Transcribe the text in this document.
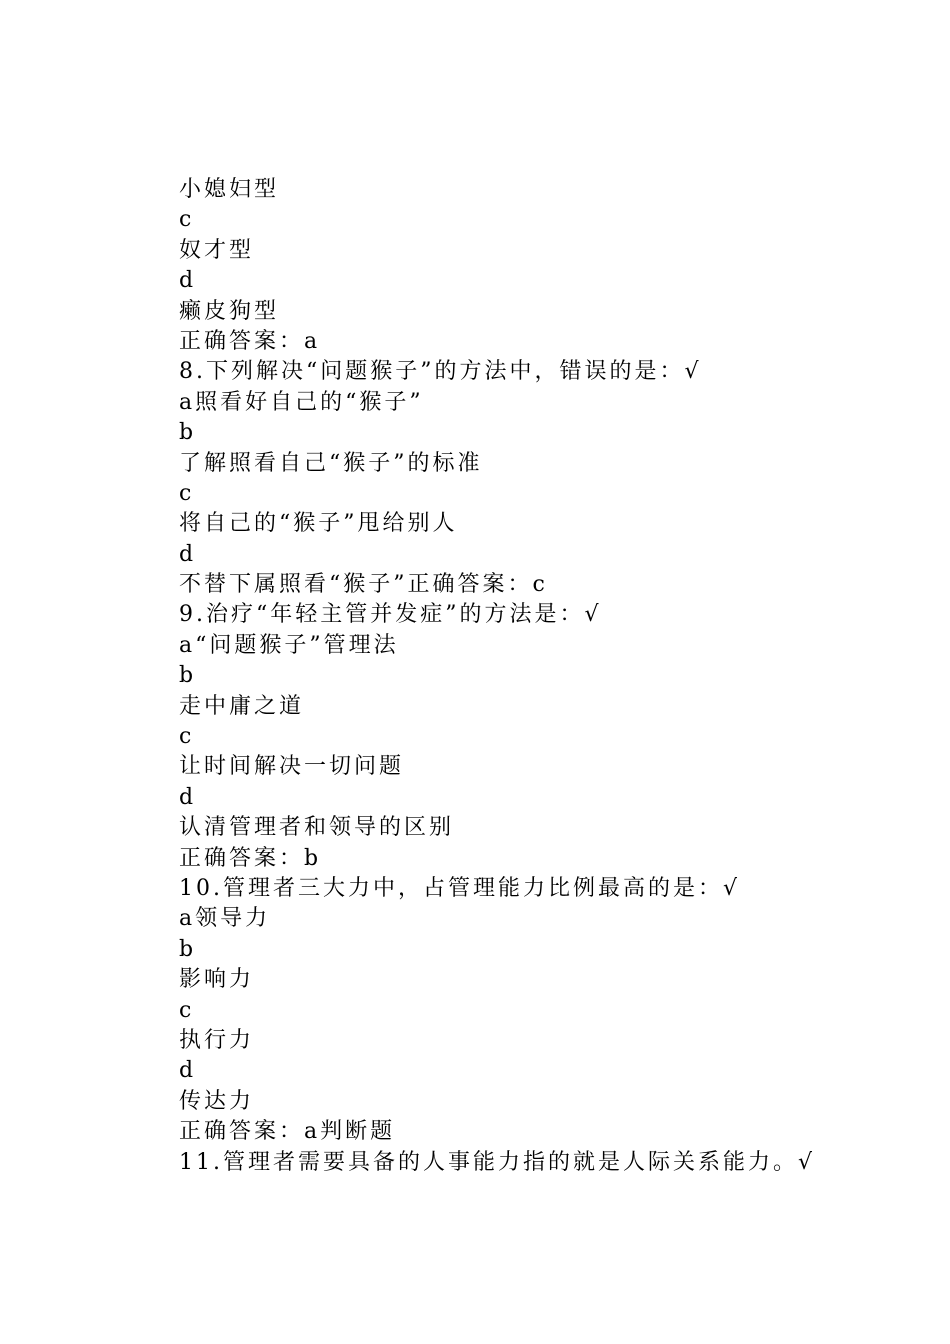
小媳妇型
c
奴才型
d
癞皮狗型
正确答案：a
8.下列解决“问题猴子”的方法中，错误的是：√
a照看好自己的“猴子”
b
了解照看自己“猴子”的标准
c
将自己的“猴子”甩给别人
d
不替下属照看“猴子”正确答案：c
9.治疗“年轻主管并发症”的方法是：√
a“问题猴子”管理法
b
走中庸之道
c
让时间解决一切问题
d
认清管理者和领导的区别
正确答案：b
10.管理者三大力中，占管理能力比例最高的是：√
a领导力
b
影响力
c
执行力
d
传达力
正确答案：a判断题
11.管理者需要具备的人事能力指的就是人际关系能力。√
